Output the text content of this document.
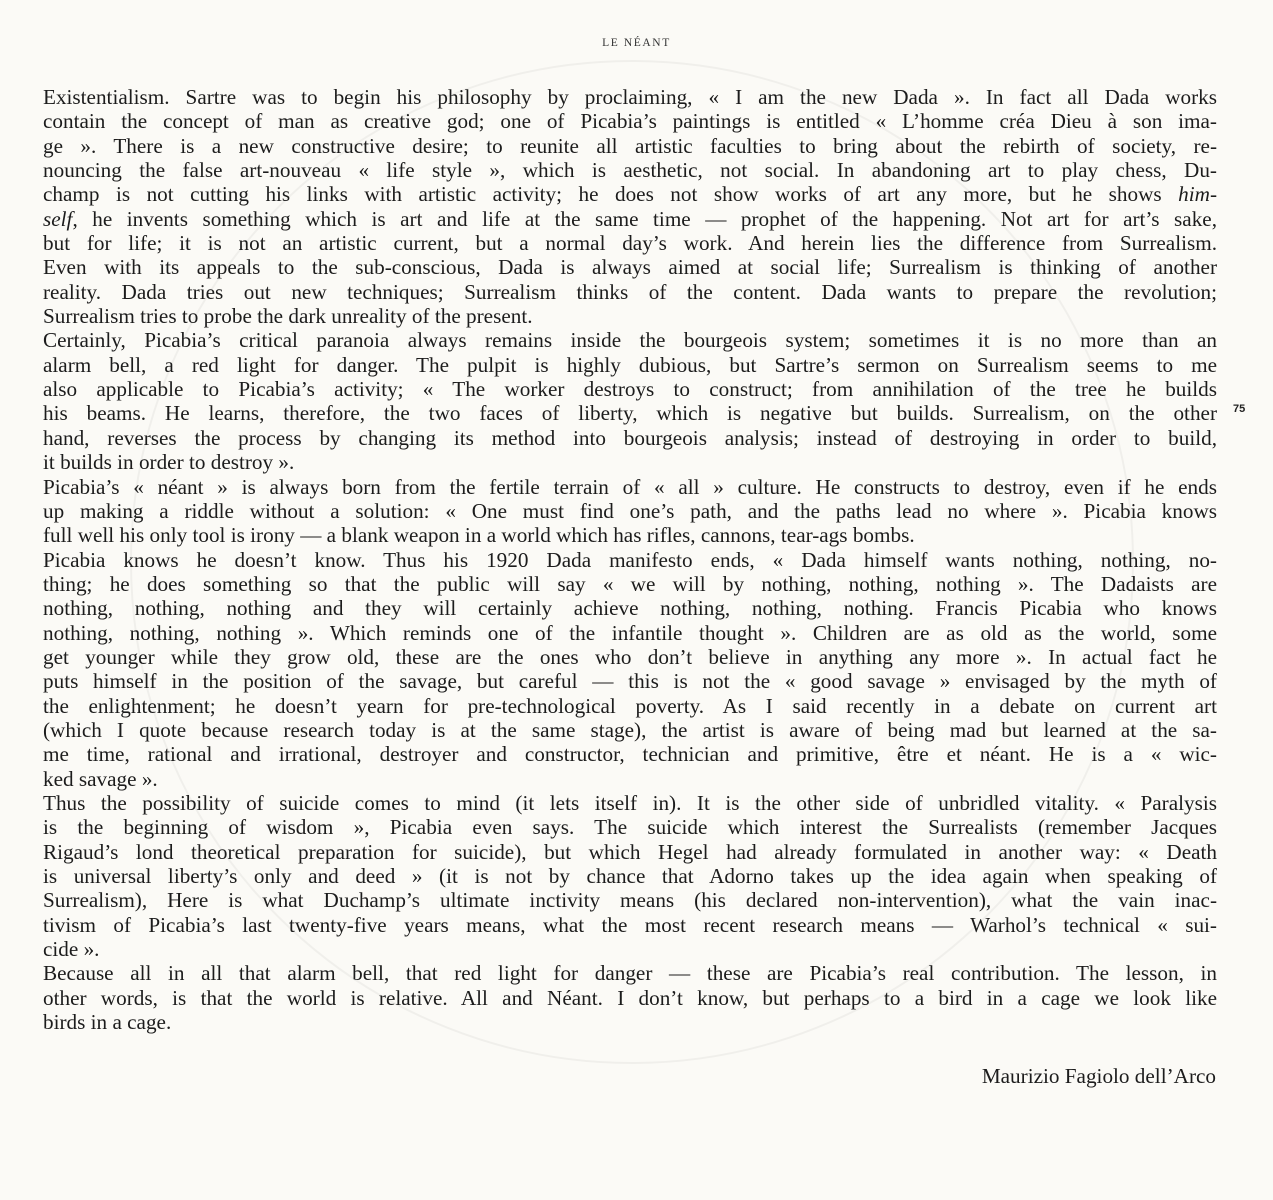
LE NÉANT
Existentialism. Sartre was to begin his philosophy by proclaiming, « I am the new Dada ». In fact all Dada works
contain the concept of man as creative god; one of Picabia’s paintings is entitled « L’homme créa Dieu à son ima-
ge ». There is a new constructive desire; to reunite all artistic faculties to bring about the rebirth of society, re-
nouncing the false art-nouveau « life style », which is aesthetic, not social. In abandoning art to play chess, Du-
champ is not cutting his links with artistic activity; he does not show works of art any more, but he shows him-
self, he invents something which is art and life at the same time — prophet of the happening. Not art for art’s sake,
but for life; it is not an artistic current, but a normal day’s work. And herein lies the difference from Surrealism.
Even with its appeals to the sub-conscious, Dada is always aimed at social life; Surrealism is thinking of another
reality. Dada tries out new techniques; Surrealism thinks of the content. Dada wants to prepare the revolution;
Surrealism tries to probe the dark unreality of the present.
Certainly, Picabia’s critical paranoia always remains inside the bourgeois system; sometimes it is no more than an
alarm bell, a red light for danger. The pulpit is highly dubious, but Sartre’s sermon on Surrealism seems to me
also applicable to Picabia’s activity; « The worker destroys to construct; from annihilation of the tree he builds
his beams. He learns, therefore, the two faces of liberty, which is negative but builds. Surrealism, on the other
hand, reverses the process by changing its method into bourgeois analysis; instead of destroying in order to build,
it builds in order to destroy ».
Picabia’s « néant » is always born from the fertile terrain of « all » culture. He constructs to destroy, even if he ends
up making a riddle without a solution: « One must find one’s path, and the paths lead no where ». Picabia knows
full well his only tool is irony — a blank weapon in a world which has rifles, cannons, tear-ags bombs.
Picabia knows he doesn’t know. Thus his 1920 Dada manifesto ends, « Dada himself wants nothing, nothing, no-
thing; he does something so that the public will say « we will by nothing, nothing, nothing ». The Dadaists are
nothing, nothing, nothing and they will certainly achieve nothing, nothing, nothing. Francis Picabia who knows
nothing, nothing, nothing ». Which reminds one of the infantile thought ». Children are as old as the world, some
get younger while they grow old, these are the ones who don’t believe in anything any more ». In actual fact he
puts himself in the position of the savage, but careful — this is not the « good savage » envisaged by the myth of
the enlightenment; he doesn’t yearn for pre-technological poverty. As I said recently in a debate on current art
(which I quote because research today is at the same stage), the artist is aware of being mad but learned at the sa-
me time, rational and irrational, destroyer and constructor, technician and primitive, être et néant. He is a « wic-
ked savage ».
Thus the possibility of suicide comes to mind (it lets itself in). It is the other side of unbridled vitality. « Paralysis
is the beginning of wisdom », Picabia even says. The suicide which interest the Surrealists (remember Jacques
Rigaud’s lond theoretical preparation for suicide), but which Hegel had already formulated in another way: « Death
is universal liberty’s only and deed » (it is not by chance that Adorno takes up the idea again when speaking of
Surrealism), Here is what Duchamp’s ultimate inctivity means (his declared non-intervention), what the vain inac-
tivism of Picabia’s last twenty-five years means, what the most recent research means — Warhol’s technical « sui-
cide ».
Because all in all that alarm bell, that red light for danger — these are Picabia’s real contribution. The lesson, in
other words, is that the world is relative. All and Néant. I don’t know, but perhaps to a bird in a cage we look like
birds in a cage.
75
Maurizio Fagiolo dell’Arco
